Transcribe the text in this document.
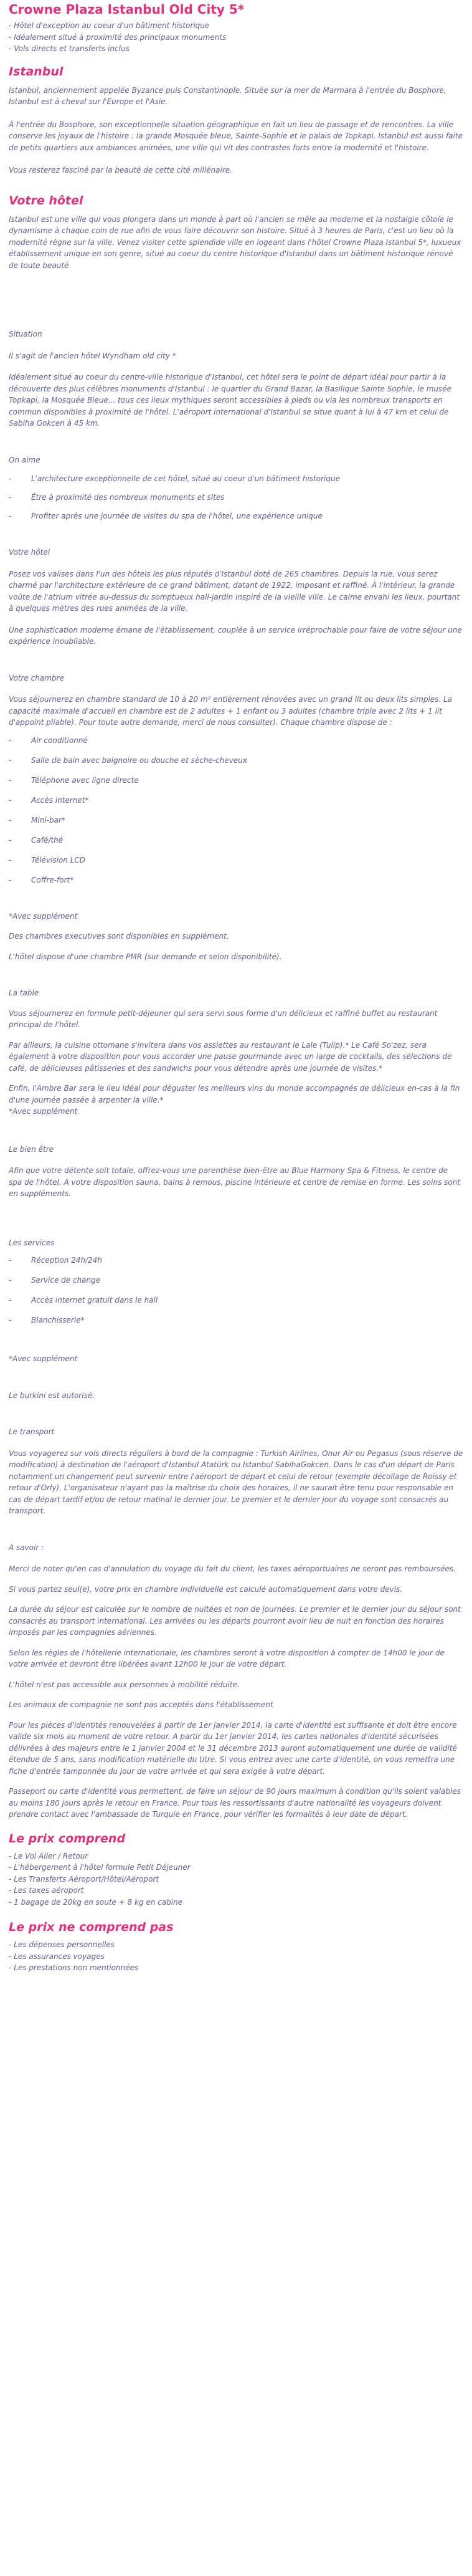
Crowne Plaza Istanbul Old City 5*
- Hôtel d'exception au coeur d'un bâtiment historique
- Idéalement situé à proximité des principaux monuments
- Vols directs et transferts inclus
Istanbul

Istanbul, anciennement appelée Byzance puis Constantinople. Située sur la mer de Marmara à l'entrée du Bosphore, Istanbul est à cheval sur l'Europe et l'Asie.

À l'entrée du Bosphore, son exceptionnelle situation géographique en fait un lieu de passage et de rencontres. La ville conserve les joyaux de l'histoire : la grande Mosquée bleue, Sainte-Sophie et le palais de Topkapi. Istanbul est aussi faite de petits quartiers aux ambiances animées, une ville qui vit des contrastes forts entre la modernité et l'histoire.

Vous resterez fasciné par la beauté de cette cité millénaire.

Votre hôtel

Istanbul est une ville qui vous plongera dans un monde à part où l'ancien se mêle au moderne et la nostalgie côtoie le dynamisme à chaque coin de rue afin de vous faire découvrir son histoire. Situé à 3 heures de Paris, c'est un lieu où la modernité règne sur la ville. Venez visiter cette splendide ville en logeant dans l'hôtel Crowne Plaza Istanbul 5*, luxueux établissement unique en son genre, situé au coeur du centre historique d'Istanbul dans un bâtiment historique rénové de toute beauté

Situation

Il s'agit de l'ancien hôtel Wyndham old city *

Idéalement situé au coeur du centre-ville historique d'Istanbul, cet hôtel sera le point de départ idéal pour partir à la découverte des plus célèbres monuments d'Istanbul : le quartier du Grand Bazar, la Basilique Sainte Sophie, le musée Topkapi, la Mosquée Bleue... tous ces lieux mythiques seront accessibles à pieds ou via les nombreux transports en commun disponibles à proximité de l'hôtel. L'aéroport international d'Istanbul se situe quant à lui à 47 km et celui de Sabiha Gokcen à 45 km.

On aime

-	L'architecture exceptionnelle de cet hôtel, situé au coeur d'un bâtiment historique
-	Être à proximité des nombreux monuments et sites
-	Profiter après une journée de visites du spa de l'hôtel, une expérience unique

Votre hôtel

Posez vos valises dans l'un des hôtels les plus réputés d'Istanbul doté de 265 chambres. Depuis la rue, vous serez charmé par l'architecture extérieure de ce grand bâtiment, datant de 1922, imposant et raffiné. À l'intérieur, la grande voûte de l'atrium vitrée au-dessus du somptueux hall-jardin inspiré de la vieille ville. Le calme envahi les lieux, pourtant à quelques mètres des rues animées de la ville.

Une sophistication moderne émane de l'établissement, couplée à un service irréprochable pour faire de votre séjour une expérience inoubliable.

Votre chambre

Vous séjournerez en chambre standard de 10 à 20 m² entièrement rénovées avec un grand lit ou deux lits simples. La capacité maximale d'accueil en chambre est de 2 adultes + 1 enfant ou 3 adultes (chambre triple avec 2 lits + 1 lit d'appoint pliable). Pour toute autre demande, merci de nous consulter). Chaque chambre dispose de :

-	Air conditionné
-	Salle de bain avec baignoire ou douche et sèche-cheveux
-	Téléphone avec ligne directe
-	Accès internet*
-	Mini-bar*
-	Café/thé
-	Télévision LCD
-	Coffre-fort*

*Avec supplément

Des chambres executives sont disponibles en supplément.

L'hôtel dispose d'une chambre PMR (sur demande et selon disponibilité).

La table

Vous séjournerez en formule petit-déjeuner qui sera servi sous forme d'un délicieux et raffiné buffet au restaurant principal de l'hôtel.

Par ailleurs, la cuisine ottomane s'invitera dans vos assiettes au restaurant le Lale (Tulip).* Le Café So'zez, sera également à votre disposition pour vous accorder une pause gourmande avec un large de cocktails, des sélections de café, de délicieuses pâtisseries et des sandwichs pour vous détendre après une journée de visites.*

Enfin, l'Ambre Bar sera le lieu idéal pour déguster les meilleurs vins du monde accompagnés de délicieux en-cas à la fin d'une journée passée à arpenter la ville.*

*Avec supplément

Le bien être

Afin que votre détente soit totale, offrez-vous une parenthèse bien-être au Blue Harmony Spa & Fitness, le centre de spa de l'hôtel. A votre disposition sauna, bains à remous, piscine intérieure et centre de remise en forme. Les soins sont en suppléments.

Les services

-	Réception 24h/24h
-	Service de change
-	Accès internet gratuit dans le hall
-	Blanchisserie*

*Avec supplément

Le burkini est autorisé.

Le transport

Vous voyagerez sur vols directs réguliers à bord de la compagnie : Turkish Airlines, Onur Air ou Pegasus (sous réserve de modification) à destination de l'aéroport d'Istanbul Atatürk ou Istanbul SabihaGokcen. Dans le cas d'un départ de Paris notamment un changement peut survenir entre l'aéroport de départ et celui de retour (exemple décollage de Roissy et retour d'Orly). L'organisateur n'ayant pas la maîtrise du choix des horaires, il ne saurait être tenu pour responsable en cas de départ tardif et/ou de retour matinal le dernier jour. Le premier et le dernier jour du voyage sont consacrés au transport.

A savoir :

Merci de noter qu'en cas d'annulation du voyage du fait du client, les taxes aéroportuaires ne seront pas remboursées.

Si vous partez seul(e), votre prix en chambre individuelle est calculé automatiquement dans votre devis.

La durée du séjour est calculée sur le nombre de nuitées et non de journées. Le premier et le dernier jour du séjour sont consacrés au transport international. Les arrivées ou les départs pourront avoir lieu de nuit en fonction des horaires imposés par les compagnies aériennes.

Selon les règles de l'hôtellerie internationale, les chambres seront à votre disposition à compter de 14h00 le jour de votre arrivée et devront être libérées avant 12h00 le jour de votre départ.

L'hôtel n'est pas accessible aux personnes à mobilité réduite.

Les animaux de compagnie ne sont pas acceptés dans l'établissement

Pour les pièces d'identités renouvelées à partir de 1er janvier 2014, la carte d'identité est suffisante et doit être encore valide six mois au moment de votre retour. A partir du 1er janvier 2014, les cartes nationales d'identité sécurisées délivrées à des majeurs entre le 1 janvier 2004 et le 31 décembre 2013 auront automatiquement une durée de validité étendue de 5 ans, sans modification matérielle du titre. Si vous entrez avec une carte d'identité, on vous remettra une fiche d'entrée tamponnée du jour de votre arrivée et qui sera exigée à votre départ.

Passeport ou carte d'identité vous permettent, de faire un séjour de 90 jours maximum à condition qu'ils soient valables au moins 180 jours après le retour en France. Pour tous les ressortissants d'autre nationalité les voyageurs doivent prendre contact avec l'ambassade de Turquie en France, pour vérifier les formalités à leur date de départ.

Le prix comprend
- Le Vol Aller / Retour
- L'hébergement à l'hôtel formule Petit Déjeuner
- Les Transferts Aéroport/Hôtel/Aéroport
- Les taxes aéroport
- 1 bagage de 20kg en soute + 8 kg en cabine
Le prix ne comprend pas
- Les dépenses personnelles
- Les assurances voyages
- Les prestations non mentionnées
